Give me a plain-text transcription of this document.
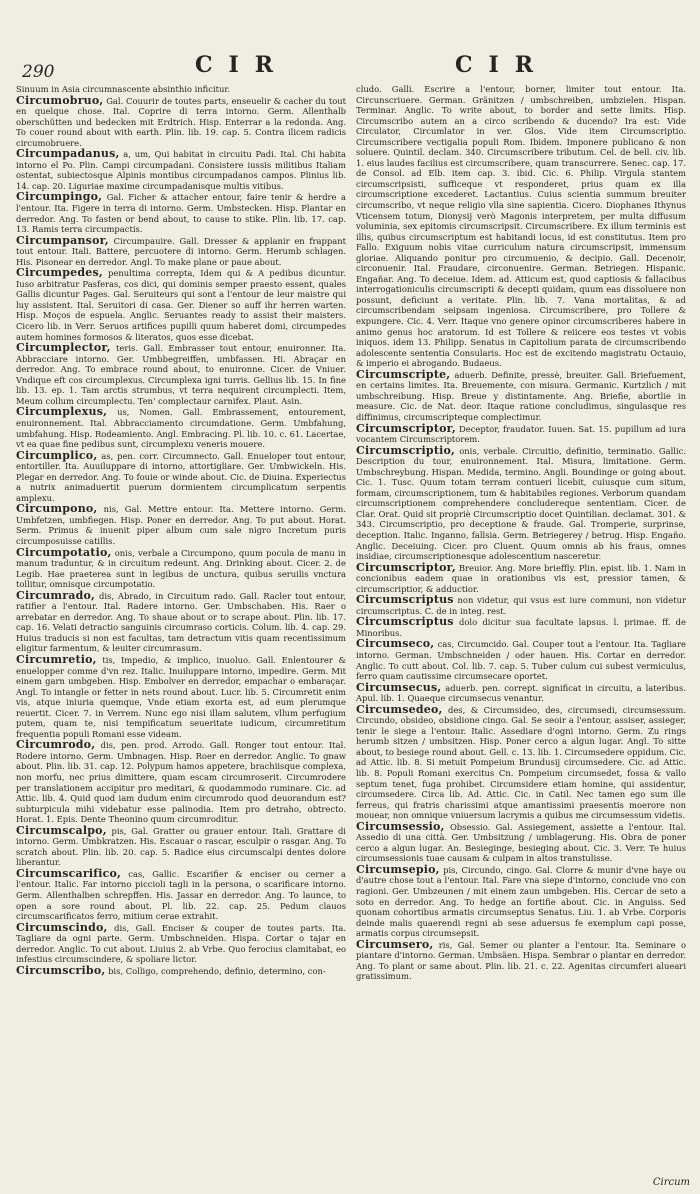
290	CIR	CIR

Sinuum in Asia circumnascente absinthio inficitur.

Circumobruo, Gal. Couurir de toutes parts, enseuelir & cacher du tout en quelque chose. Ital. Coprire di terra intorno. Germ. Allenthalb oberschütten und bedecken mit Erdtrich. Hisp. Enterrar a la redonda. Ang. To couer round about with earth. Plin. lib. 19. cap. 5. Contra ilicem radicis circumobruere.

Circumpadanus, a, um, Qui habitat in circuitu Padi. Ital. Chi habita intorno el Po. Plin. Campi circumpadani. Consistere iussis militibus Italiam ostentat, subiectosque Alpinis montibus circumpadanos campos. Plinius lib. 14. cap. 20. Liguriae maxime circumpadanisque multis vitibus.

Circumpingo, Gal. Ficher & attacher entour, faire tenir & herdre a l'entour. Ita. Figere in terra di intorno. Germ. Umbstecken. Hisp. Plantar en derredor. Ang. To fasten or bend about, to cause to stike. Plin. lib. 17. cap. 13. Ramis terra circumpactis.

Circumpansor, Circumpauire. Gall. Dresser & applanir en frappant tout entour. Itali. Battere, percuotere di intorno. Germ. Herumb schlagen. His. Pisonear en derredor. Angl. To make plane or paue about.

Circumpedes, penultima correpta, Idem qui & A pedibus dicuntur. Iuso arbitratur Pasferas, cos dici, qui dominis semper praesto essent, quales Gallis dicuntur Pages. Gal. Seruiteurs qui sont a l'entour de leur maistre qui luy assistent. Ital. Seruitori di casa. Ger. Diener so auff ihr herren warten. Hisp. Moços de espuela. Anglic. Seruantes ready to assist their maisters. Cicero lib. in Verr. Seruos artifices pupilli quum haberet domi, circumpedes autem homines formosos & literatos, quos esse dicebat.

Circumplector, teris. Gall. Embrasser tout entour, enuironner. Ita. Abbracciare intorno. Ger. Umbbegreiffen, umbfassen. Hi. Abraçar en derredor. Ang. To embrace round about, to enuironne. Cicer. de Vniuer. Vndique eft cos circumplexus. Circumplexa igni turris. Gellius lib. 15. In fine lib. 13. ep. 1. Tam arctis strumbus, vt terra nequirent circumplecti. Item, Meum collum circumplectu. Ten' complectaur carnifex. Plaut. Asin.

Circumplexus, us, Nomen. Gall. Embrassement, entourement, enuironnement. Ital. Abbracciamento circumdatione. Germ. Umbfahung, umbfahung. Hisp. Rodeamiento. Angl. Embracing. Pl. lib. 10. c. 61. Lacertae, vt ea quae fine pedibus sunt, circumplexu veneris mouere.

Circumplico, as, pen. corr. Circumnecto. Gall. Enueloper tout entour, entortiller. Ita. Auuiluppare di intorno, attortigliare. Ger. Umbwickeln. His. Plegar en derredor. Ang. To fouie or winde about. Cic. de Diuina. Experiectus a nutrix animaduertit puerum dormientem circumplicatum serpentis amplexu.

Circumpono, nis, Gal. Mettre entour. Ita. Mettere intorno. Germ. Umbfetzen, umbfiegen. Hisp. Poner en derredor. Ang. To put about. Horat. Serm. Primus & inuenit piper album cum sale nigro Incretum puris circumposuisse catillis.

Circumpotatio, onis, verbale a Circumpono, quum pocula de manu in manum traduntur, & in circuitum redeunt. Ang. Drinking about. Cicer. 2. de Legib. Hae praeterea sunt in legibus de unctura, quibus seruilis vnctura tollitur, omnisque circumpotatio.

Circumrado, dis, Abrado, in Circuitum rado. Gall. Racler tout entour, ratifier a l'entour. Ital. Radere intorno. Ger. Umbschaben. His. Raer o arrebatar en derredor. Ang. To shaue about or to scrape about. Plin. lib. 17. cap. 16. Velati detractio sanguinis circumraso corticis. Colum. lib. 4. cap. 29. Huius traducis si non est facultas, tam detractum vitis quam recentissimum eligitur farmentum, & leuiter circumrasum.

Circumretio, tis, Impedio, & implico, inuoluo. Gall. Enlentourer & enuelopper comme d'vn rez. Italic. Inuiluppare intorno, impedire. Germ. Mit einem garn umbgeben. Hisp. Embolver en derredor, empachar o embaraçar. Angl. To intangle or fetter in nets round about. Lucr. lib. 5. Circumretit enim vis, atque iniuria quemque, Vnde etiam exorta est, ad eum plerumque reuertit. Cicer. 7. in Verrem. Nunc ego nisi illam salutem, vllum perfugium putem, quam te, nisi tempificatum seueritate iudicum, circumretitum frequentia populi Romani esse videam.

Circumrodo, dis, pen. prod. Arrodo. Gall. Ronger tout entour. Ital. Rodere intorno. Germ. Umbnagen. Hisp. Roer en derredor. Anglic. To gnaw about. Plin. lib. 31. cap. 12. Polypum hamos appetere, brachiisque complexa, non morfu, nec prius dimittere, quam escam circumroserit. Circumrodere per translationem accipitur pro meditari, & quodammodo ruminare. Cic. ad Attic. lib. 4. Quid quod iam dudum enim circumrodo quod deuorandum est? subturpicula mihi videbatur esse palinodia. Item pro detraho, obtrecto. Horat. 1. Epis. Dente Theonino quum circumroditur.

Circumscalpo, pis, Gal. Gratter ou grauer entour. Itali. Grattare di intorno. Germ. Umbkratzen. His. Escauar o rascar, esculpir o rasgar. Ang. To scratch about. Plin. lib. 20. cap. 5. Radice eius circumscalpi dentes dolore liberantur.

Circumscarifico, cas, Gallic. Escarifier & enciser ou cerner a l'entour. Italic. Far intorno piccioli tagli in la persona, o scarificare intorno. Germ. Allenthalben schrepffen. His. Jassar en derredor. Ang. To launce, to open a sore round about. Pl. lib. 22. cap. 25. Pedum clauos circumscarificatos ferro, mitium cerae extrahit.

Circumscindo, dis, Gall. Enciser & couper de toutes parts. Ita. Tagliare da ogni parte. Germ. Umbschneiden. Hispa. Cortar o tajar en derredor. Anglic. To cut about. Liuius 2. ab Vrbe. Quo ferocius clamitabat, eo infestius circumscindere, & spoliare lictor.

Circumscribo, bis, Colligo, comprehendo, definio, determino, con-

cludo. Galli. Escrire a l'entour, borner, limiter tout entour. Ita. Circunscriuere. German. Gränitzen / umbschreiben, umbzielen. Hispan. Terminar. Anglic. To write about, to border and sette limits. Hisp. Circumscribo autem an a circo scribendo & ducendo? Ira est: Vide Circulator, Circumlator in ver. Glos. Vide item Circumscriptio. Circumscribere vectigalia populi Rom. Ibidem. Imponere publicano & non soluere. Quintil. declam. 340. Circumscribere tributum. Cel. de bell. civ. lib. 1. eius laudes facilius est circumscribere, quam transcurrere. Senec. cap. 17. de Consol. ad Elb. item cap. 3. ibid. Cic. 6. Philip. Virgula stantem circumscripsisti, sufficeque vt responderet, prius quam ex illa circumscriptione excederet. Lactantius. Cuius scientia summum breuiter circumscribo, vt neque religio vlla sine sapientia. Cicero. Diophanes Ithynus Vticensem totum, Dionysij verò Magonis interpretem, per multa diffusum voluminia, sex epitomis circumscripsit. Circumscribere. Ex illum terminis est illis, quibus circumscriptum est habitandi locus, id est constitutus. Item pro Fallo. Exiguum nobis vitae curriculum natura circumscripsit, immensum gloriae. Aliquando ponitur pro circumuenio, & decipio. Gall. Decenoir, circonuenir. Ital. Fraudare, circonuenire. German. Betriegen. Hispanic. Engañar. Ang. To deceiue. Idem. ad. Atticum est, quod captiosis & fallacibus interrogationiculis circumscripti & decepti quidam, quum eas dissoluere non possunt, deficiunt a veritate. Plin. lib. 7. Vana mortalitas, & ad circumscribendam seipsam ingeniosa. Circumscribere, pro Tollere & expungere. Cic. 4. Verr. Itaque vno genere opinor circumscriberes habere in animo genus hoc aratorum. Id est Tollere & reiicere eos testes vt vobis iniquos. idem 13. Philipp. Senatus in Capitolium parata de circumscribendo adolescente sententia Consularis. Hoc est de excitendo magistratu Octauio, & imperio ei abrogando. Budaeus.

Circumscripte, aduerb. Definite, pressè, breuiter. Gall. Briefuement, en certains limites. Ita. Breuemente, con misura. Germanic. Kurtzlich / mit umbschreibung. Hisp. Breue y distintamente. Ang. Briefie, abortlie in measure. Cic. de Nat. deor. Itaque ratione concludimus, singulasque res diffinimus, circumscripteque complectimur.

Circumscriptor, Deceptor, fraudator. Iuuen. Sat. 15. pupillum ad iura vocantem Circumscriptorem.

Circumscriptio, onis, verbale. Circuitio, definitio, terminatio. Gallic. Description du tour, enuironnement. Ital. Misura, limitatione. Germ. Umbschreybung. Hispan. Medida, termino. Angli. Boundinge or going about. Cic. 1. Tusc. Quum totam terram contueri licebit, cuiusque cum situm, formam, circumscriptionem, tum & habitabiles regiones. Verborum quandam circumscriptionem comprehendere concludereque sententiam. Cicer. de Clar. Orat. Quid sit propriè Circumscriptio docet Quintilian. declamat. 301. & 343. Circumscriptio, pro deceptione & fraude. Gal. Tromperie, surprinse, deception. Italic. Inganno, fallsia. Germ. Betriegerey / betrug. Hisp. Engaño. Anglic. Deceiuing. Cicer. pro Cluent. Quum omnis ab his fraus, omnes insidiae, circumscriptionesque adolescentium nasceretur.

Circumscriptor, Breuior. Ang. More brieffly. Plin. epist. lib. 1. Nam in concionibus eadem quae in orationibus vis est, pressior tamen, & circumscriptior, & adductior.

Circumscriptus non videtur, qui vsus est iure communi, non videtur circumscriptus. C. de in integ. rest.

Circumscriptus dolo dicitur sua facultate lapsus. l. primae. ff. de Minoribus.

Circumseco, cas, Circumcido. Gal. Couper tout a l'entour. Ita. Tagliare intorno. German. Umbschneiden / oder hauen. His. Cortar en derredor. Anglic. To cutt about. Col. lib. 7. cap. 5. Tuber culum cui subest vermiculus, ferro quam cautissime circumsecare oportet.

Circumsecus, aduerb. pen. corrept. significat in circuitu, a lateribus. Apul. lib. 1. Quaeque circumsecus venantur.

Circumsedeo, des, & Circumsideo, des, circumsedi, circumsessum. Circundo, obsideo, obsidione cingo. Gal. Se seoir a l'entour, assiser, assieger, tenir le siege a l'entour. Italic. Assediare d'ogni intorno. Germ. Zu rings herumb sitzen / umbsitzen. Hisp. Poner cerco a algun lugar. Angl. To sitte about, to besiege round about. Gell. c. 13. lib. 1. Circumsedere oppidum. Cic. ad Attic. lib. 8. Si metuit Pompeium Brundusij circumsedere. Cic. ad Attic. lib. 8. Populi Romani exercitus Cn. Pompeium circumsedet, fossa & vallo septum tenet, fuga prohibet. Circumsidere etiam homine, qui assidentur, circumsedere. Circa lib. Ad. Attic. Cic. in Catil. Nec tamen ego sum ille ferreus, qui fratris charissimi atque amantissimi praesentis moerore non mouear, non omnique vniuersum lacrymis a quibus me circumsessum videtis.

Circumsessio, Obsessio. Gal. Assiegement, assiette a l'entour. Ital. Assedio di una città. Ger. Umbsitzung / umblagerung. His. Obra de poner cerco a algun lugar. An. Besieginge, besieging about. Cic. 3. Verr. Te huius circumsessionis tuae causam & culpam in altos transtulisse.

Circumsepio, pis, Circundo, cingo. Gal. Clorre & munir d'vne haye ou d'autre chose tout a l'entour. Ital. Fare vna siepe d'intorno, conciude vno con ragioni. Ger. Umbzeunen / mit einem zaun umbgeben. His. Cercar de seto a soto en derredor. Ang. To hedge an fortifie about. Cic. in Anguiss. Sed quonam cohortibus armatis circumseptus Senatus. Liu. 1. ab Vrbe. Corporis deinde malis quaerendi regni ab sese aduersus fe exemplum capi posse, armatis corpus circumsepsit.

Circumsero, ris, Gal. Semer ou planter a l'entour. Ita. Seminare o piantare d'intorno. German. Umbsäen. Hispa. Sembrar o plantar en derredor. Ang. To plant or same about. Plin. lib. 21. c. 22. Agenitas circumferi alueari gratissimum.

Circum
